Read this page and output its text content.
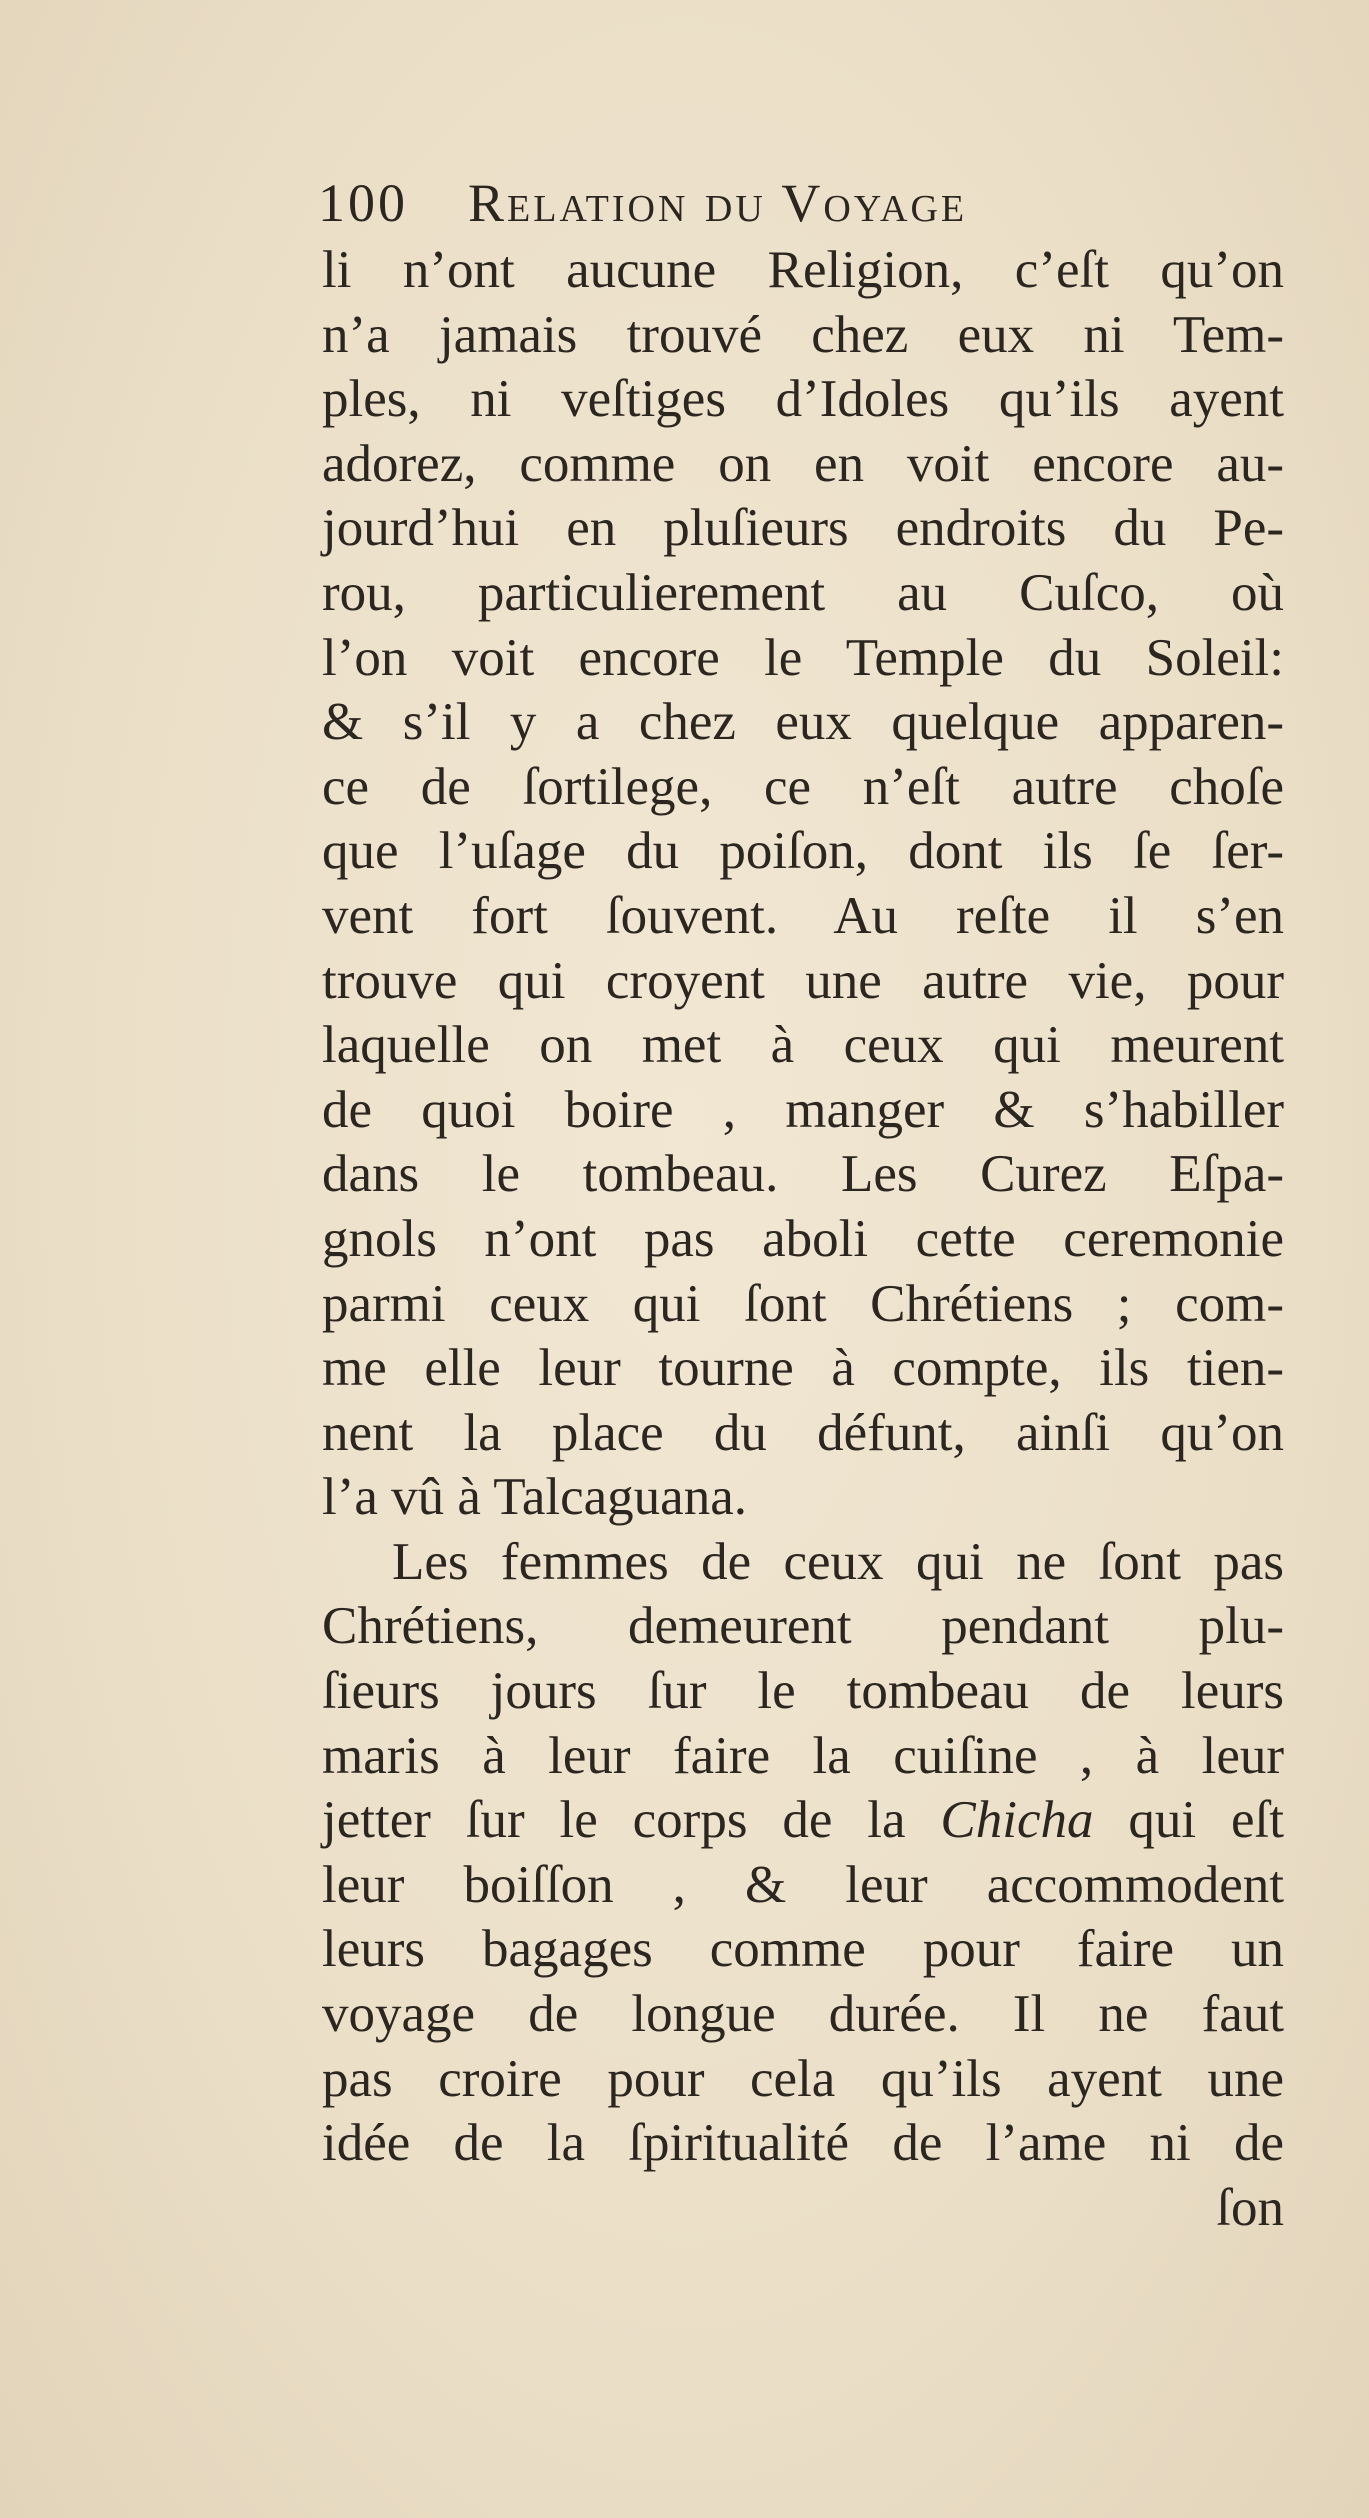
100 Relation du Voyage
li n’ont aucune Religion, c’eſt qu’on
n’a jamais trouvé chez eux ni Tem-
ples, ni veſtiges d’Idoles qu’ils ayent
adorez, comme on en voit encore au-
jourd’hui en pluſieurs endroits du Pe-
rou, particulierement au Cuſco, où
l’on voit encore le Temple du Soleil:
& s’il y a chez eux quelque apparen-
ce de ſortilege, ce n’eſt autre choſe
que l’uſage du poiſon, dont ils ſe ſer-
vent fort ſouvent. Au reſte il s’en
trouve qui croyent une autre vie, pour
laquelle on met à ceux qui meurent
de quoi boire , manger & s’habiller
dans le tombeau. Les Curez Eſpa-
gnols n’ont pas aboli cette ceremonie
parmi ceux qui ſont Chrétiens ; com-
me elle leur tourne à compte, ils tien-
nent la place du défunt, ainſi qu’on
l’a vû à Talcaguana.
Les femmes de ceux qui ne ſont pas
Chrétiens, demeurent pendant plu-
ſieurs jours ſur le tombeau de leurs
maris à leur faire la cuiſine , à leur
jetter ſur le corps de la Chicha qui eſt
leur boiſſon , & leur accommodent
leurs bagages comme pour faire un
voyage de longue durée. Il ne faut
pas croire pour cela qu’ils ayent une
idée de la ſpiritualité de l’ame ni de
ſon
